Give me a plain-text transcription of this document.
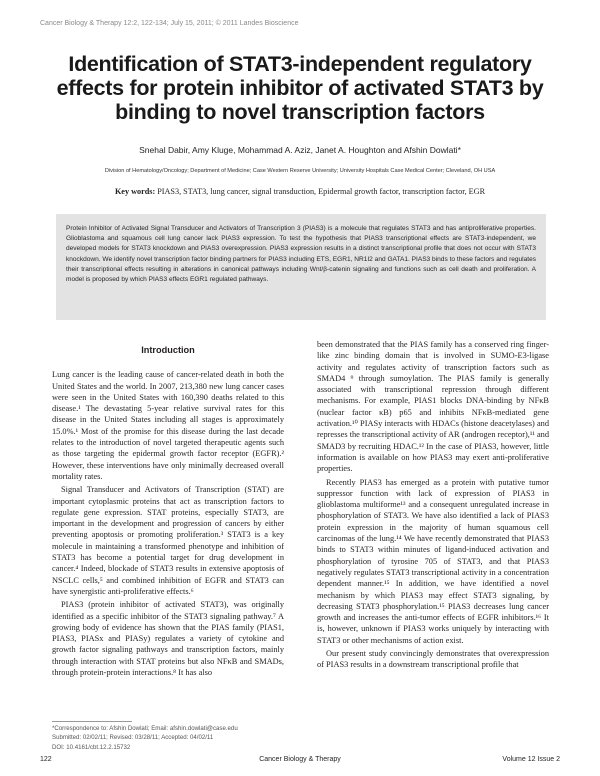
Cancer Biology & Therapy 12:2, 122-134; July 15, 2011; © 2011 Landes Bioscience
Identification of STAT3-independent regulatory effects for protein inhibitor of activated STAT3 by binding to novel transcription factors
Snehal Dabir, Amy Kluge, Mohammad A. Aziz, Janet A. Houghton and Afshin Dowlati*
Division of Hematology/Oncology; Department of Medicine; Case Western Reserve University; University Hospitals Case Medical Center; Cleveland, OH USA
Key words: PIAS3, STAT3, lung cancer, signal transduction, Epidermal growth factor, transcription factor, EGR

Protein Inhibitor of Activated Signal Transducer and Activators of Transcription 3 (PIAS3) is a molecule that regulates STAT3 and has antiproliferative properties. Glioblastoma and squamous cell lung cancer lack PIAS3 expression. To test the hypothesis that PIAS3 transcriptional effects are STAT3-independent, we developed models for STAT3 knockdown and PIAS3 overexpression. PIAS3 expression results in a distinct transcriptional profile that does not occur with STAT3 knockdown. We identify novel transcription factor binding partners for PIAS3 including ETS, EGR1, NR1I2 and GATA1. PIAS3 binds to these factors and regulates their transcriptional effects resulting in alterations in canonical pathways including Wnt/β-catenin signaling and functions such as cell death and proliferation. A model is proposed by which PIAS3 effects EGR1 regulated pathways.

Introduction

Lung cancer is the leading cause of cancer-related death in both the United States and the world. In 2007, 213,380 new lung cancer cases were seen in the United States with 160,390 deaths related to this disease.¹ The devastating 5-year relative survival rates for this disease in the United States including all stages is approximately 15.0%.¹ Most of the promise for this disease during the last decade relates to the introduction of novel targeted therapeutic agents such as those targeting the epidermal growth factor receptor (EGFR).² However, these interventions have only minimally decreased overall mortality rates.

Signal Transducer and Activators of Transcription (STAT) are important cytoplasmic proteins that act as transcription factors to regulate gene expression. STAT proteins, especially STAT3, are important in the development and progression of cancers by either preventing apoptosis or promoting proliferation.³ STAT3 is a key molecule in maintaining a transformed phenotype and inhibition of STAT3 has become a potential target for drug development in cancer.⁴ Indeed, blockade of STAT3 results in extensive apoptosis of NSCLC cells,⁵ and combined inhibition of EGFR and STAT3 can have synergistic anti-proliferative effects.⁶

PIAS3 (protein inhibitor of activated STAT3), was originally identified as a specific inhibitor of the STAT3 signaling pathway.⁷ A growing body of evidence has shown that the PIAS family (PIAS1, PIAS3, PIASx and PIASy) regulates a variety of cytokine and growth factor signaling pathways and transcription factors, mainly through interaction with STAT proteins but also NFκB and SMADs, through protein-protein interactions.⁸ It has also

been demonstrated that the PIAS family has a conserved ring finger-like zinc binding domain that is involved in SUMO-E3-ligase activity and regulates activity of transcription factors such as SMAD4 ⁹ through sumoylation. The PIAS family is generally associated with transcriptional repression through different mechanisms. For example, PIAS1 blocks DNA-binding by NFκB (nuclear factor κB) p65 and inhibits NFκB-mediated gene activation.¹⁰ PIASy interacts with HDACs (histone deacetylases) and represses the transcriptional activity of AR (androgen receptor),¹¹ and SMAD3 by recruiting HDAC.¹² In the case of PIAS3, however, little information is available on how PIAS3 may exert anti-proliferative properties.

Recently PIAS3 has emerged as a protein with putative tumor suppressor function with lack of expression of PIAS3 in glioblastoma multiforme¹³ and a consequent unregulated increase in phosphorylation of STAT3. We have also identified a lack of PIAS3 protein expression in the majority of human squamous cell carcinomas of the lung.¹⁴ We have recently demonstrated that PIAS3 binds to STAT3 within minutes of ligand-induced activation and phosphorylation of tyrosine 705 of STAT3, and that PIAS3 negatively regulates STAT3 transcriptional activity in a concentration dependent manner.¹⁵ In addition, we have identified a novel mechanism by which PIAS3 may effect STAT3 signaling, by decreasing STAT3 phosphorylation.¹⁵ PIAS3 decreases lung cancer growth and increases the anti-tumor effects of EGFR inhibitors.¹⁶ It is, however, unknown if PIAS3 works uniquely by interacting with STAT3 or other mechanisms of action exist.

Our present study convincingly demonstrates that overexpression of PIAS3 results in a downstream transcriptional profile that

*Correspondence to: Afshin Dowlati; Email: afshin.dowlati@case.edu
Submitted: 02/02/11; Revised: 03/28/11; Accepted: 04/02/11
DOI: 10.4161/cbt.12.2.15732
122	Cancer Biology & Therapy	Volume 12 Issue 2
